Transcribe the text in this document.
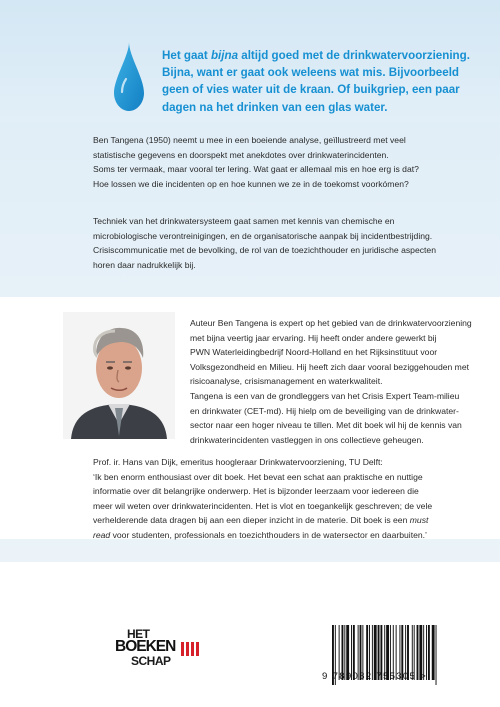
Het gaat bijna altijd goed met de drinkwatervoorziening.
Bijna, want er gaat ook weleens wat mis. Bijvoorbeeld
geen of vies water uit de kraan. Of buikgriep, een paar
dagen na het drinken van een glas water.
Ben Tangena (1950) neemt u mee in een boeiende analyse, geïllustreerd met veel
statistische gegevens en doorspekt met anekdotes over drinkwaterincidenten.
Soms ter vermaak, maar vooral ter lering. Wat gaat er allemaal mis en hoe erg is dat?
Hoe lossen we die incidenten op en hoe kunnen we ze in de toekomst voorkómen?
Techniek van het drinkwatersysteem gaat samen met kennis van chemische en
microbiologische verontreinigingen, en de organisatorische aanpak bij incidentbestrijding.
Crisiscommunicatie met de bevolking, de rol van de toezichthouder en juridische aspecten
horen daar nadrukkelijk bij.
Auteur Ben Tangena is expert op het gebied van de drinkwatervoorziening
met bijna veertig jaar ervaring. Hij heeft onder andere gewerkt bij
PWN Waterleidingbedrijf Noord-Holland en het Rijksinstituut voor
Volksgezondheid en Milieu. Hij heeft zich daar vooral beziggehouden met
risicoanalyse, crisismanagement en waterkwaliteit.
Tangena is een van de grondleggers van het Crisis Expert Team-milieu
en drinkwater (CET-md). Hij hielp om de beveiliging van de drinkwater-
sector naar een hoger niveau te tillen. Met dit boek wil hij de kennis van
drinkwaterincidenten vastleggen in ons collectieve geheugen.
Prof. ir. Hans van Dijk, emeritus hoogleraar Drinkwatervoorziening, TU Delft:
‘Ik ben enorm enthousiast over dit boek. Het bevat een schat aan praktische en nuttige
informatie over dit belangrijke onderwerp. Het is bijzonder leerzaam voor iedereen die
meer wil weten over drinkwaterincidenten. Het is vlot en toegankelijk geschreven; de vele
verhelderende data dragen bij aan een dieper inzicht in de materie. Dit boek is een must
read voor studenten, professionals en toezichthouders in de watersector en daarbuiten.’
HET
BOEKEN
SCHAP
9 789082 755305 >
